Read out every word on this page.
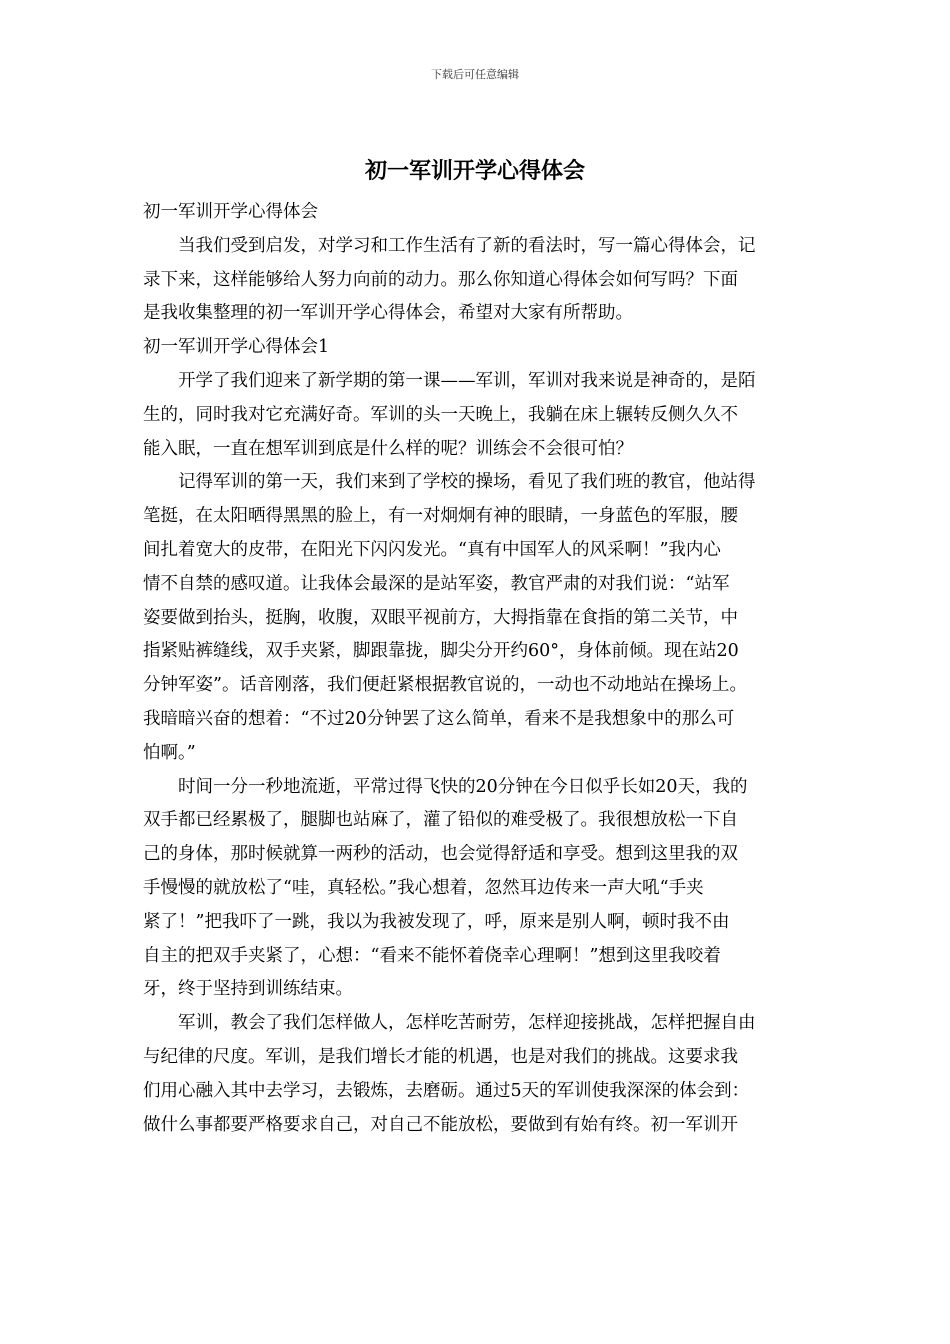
下载后可任意编辑
初一军训开学心得体会
初一军训开学心得体会
当我们受到启发，对学习和工作生活有了新的看法时，写一篇心得体会，记
录下来，这样能够给人努力向前的动力。那么你知道心得体会如何写吗？下面
是我收集整理的初一军训开学心得体会，希望对大家有所帮助。
初一军训开学心得体会1
开学了我们迎来了新学期的第一课——军训，军训对我来说是神奇的，是陌
生的，同时我对它充满好奇。军训的头一天晚上，我躺在床上辗转反侧久久不
能入眠，一直在想军训到底是什么样的呢？训练会不会很可怕？
记得军训的第一天，我们来到了学校的操场，看见了我们班的教官，他站得
笔挺，在太阳晒得黑黑的脸上，有一对炯炯有神的眼睛，一身蓝色的军服，腰
间扎着宽大的皮带，在阳光下闪闪发光。“真有中国军人的风采啊！”我内心
情不自禁的感叹道。让我体会最深的是站军姿，教官严肃的对我们说：“站军
姿要做到抬头，挺胸，收腹，双眼平视前方，大拇指靠在食指的第二关节，中
指紧贴裤缝线，双手夹紧，脚跟靠拢，脚尖分开约60°，身体前倾。现在站20
分钟军姿”。话音刚落，我们便赶紧根据教官说的，一动也不动地站在操场上。
我暗暗兴奋的想着：“不过20分钟罢了这么简单，看来不是我想象中的那么可
怕啊。”
时间一分一秒地流逝，平常过得飞快的20分钟在今日似乎长如20天，我的
双手都已经累极了，腿脚也站麻了，灌了铅似的难受极了。我很想放松一下自
己的身体，那时候就算一两秒的活动，也会觉得舒适和享受。想到这里我的双
手慢慢的就放松了“哇，真轻松。”我心想着，忽然耳边传来一声大吼“手夹
紧了！”把我吓了一跳，我以为我被发现了，呼，原来是别人啊，顿时我不由
自主的把双手夹紧了，心想：“看来不能怀着侥幸心理啊！”想到这里我咬着
牙，终于坚持到训练结束。
军训，教会了我们怎样做人，怎样吃苦耐劳，怎样迎接挑战，怎样把握自由
与纪律的尺度。军训，是我们增长才能的机遇，也是对我们的挑战。这要求我
们用心融入其中去学习，去锻炼，去磨砺。通过5天的军训使我深深的体会到：
做什么事都要严格要求自己，对自己不能放松，要做到有始有终。初一军训开
